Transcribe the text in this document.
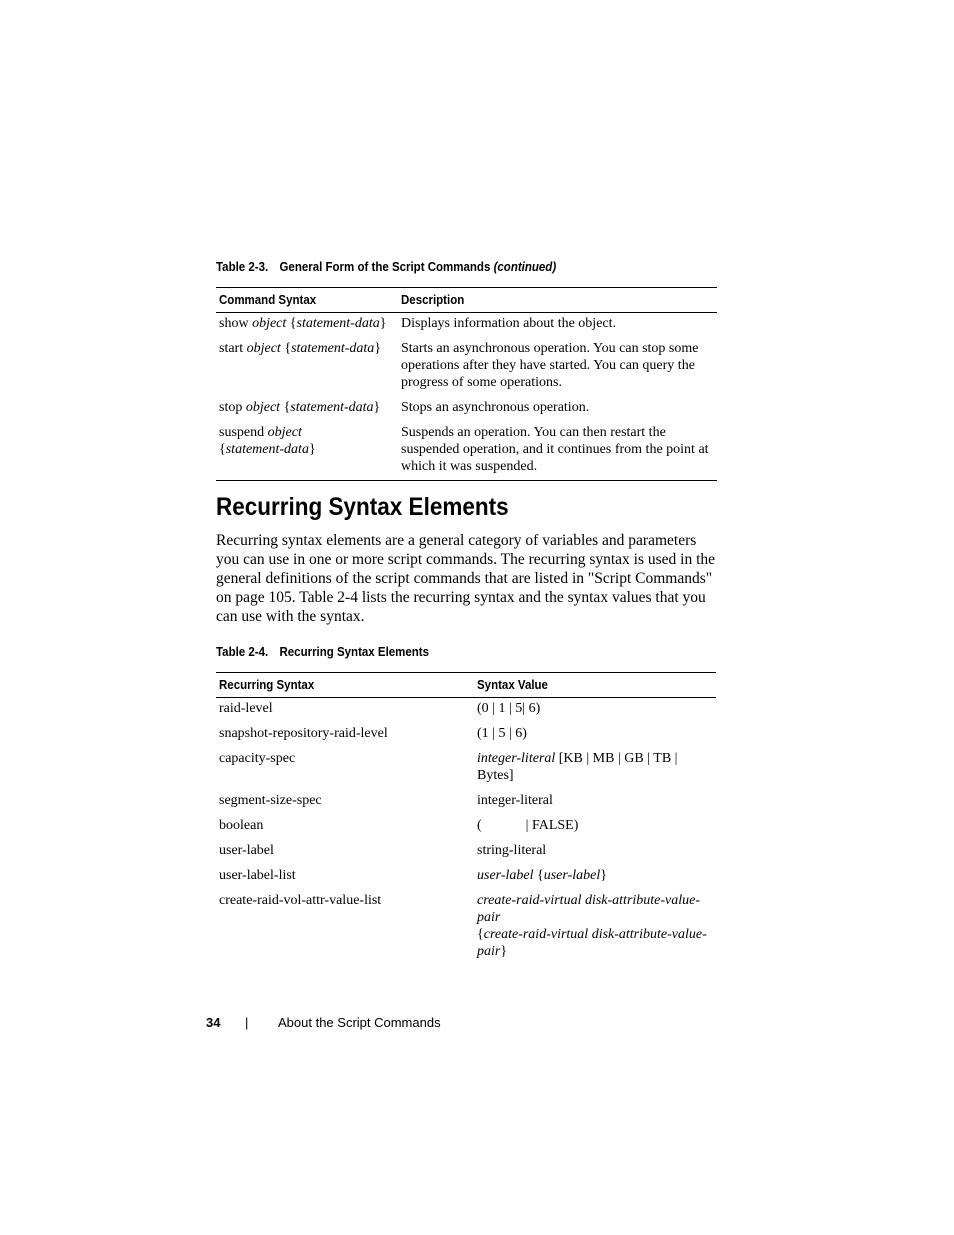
Table 2-3. General Form of the Script Commands (continued)
Command Syntax	Description
show object {statement-data}	Displays information about the object.
start object {statement-data}	Starts an asynchronous operation. You can stop some operations after they have started. You can query the progress of some operations.
stop object {statement-data}	Stops an asynchronous operation.
suspend object
{statement-data}	Suspends an operation. You can then restart the suspended operation, and it continues from the point at which it was suspended.
Recurring Syntax Elements

Recurring syntax elements are a general category of variables and parameters you can use in one or more script commands. The recurring syntax is used in the general definitions of the script commands that are listed in "Script Commands" on page 105. Table 2-4 lists the recurring syntax and the syntax values that you can use with the syntax.

Table 2-4. Recurring Syntax Elements
Recurring Syntax	Syntax Value
raid-level	(0 | 1 | 5| 6)
snapshot-repository-raid-level	(1 | 5 | 6)
capacity-spec	integer-literal [KB | MB | GB | TB | Bytes]
segment-size-spec	integer-literal
boolean	( | FALSE)
user-label	string-literal
user-label-list	user-label {user-label}
create-raid-vol-attr-value-list	create-raid-virtual disk-attribute-value-pair
{create-raid-virtual disk-attribute-value-pair}
34 | About the Script Commands
